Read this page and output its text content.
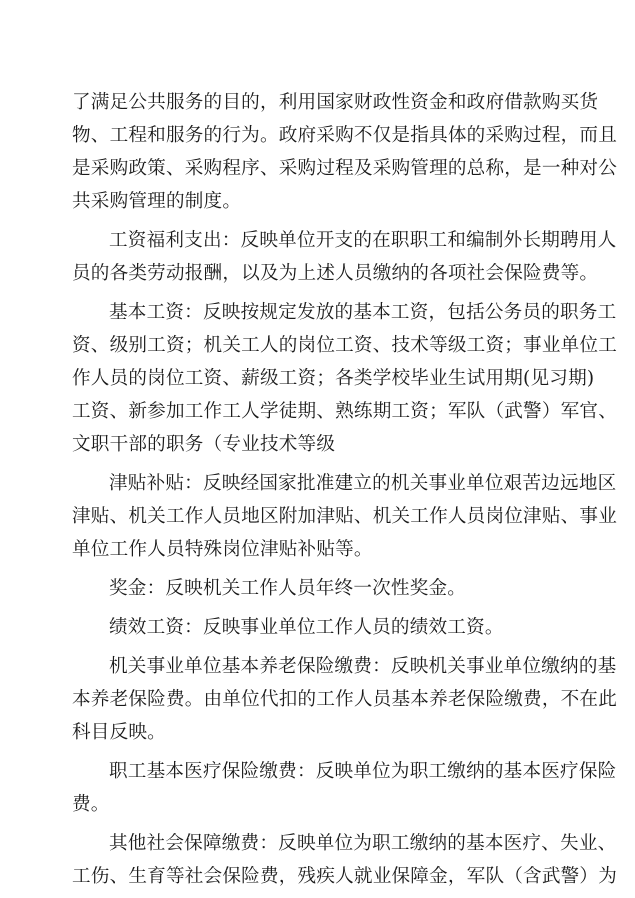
了满足公共服务的目的，利用国家财政性资金和政府借款购买货
物、工程和服务的行为。政府采购不仅是指具体的采购过程，而且
是采购政策、采购程序、采购过程及采购管理的总称，是一种对公
共采购管理的制度。

工资福利支出：反映单位开支的在职职工和编制外长期聘用人
员的各类劳动报酬，以及为上述人员缴纳的各项社会保险费等。

基本工资：反映按规定发放的基本工资，包括公务员的职务工
资、级别工资；机关工人的岗位工资、技术等级工资；事业单位工
作人员的岗位工资、薪级工资；各类学校毕业生试用期(见习期)
工资、新参加工作工人学徒期、熟练期工资；军队（武警）军官、
文职干部的职务（专业技术等级

津贴补贴：反映经国家批准建立的机关事业单位艰苦边远地区
津贴、机关工作人员地区附加津贴、机关工作人员岗位津贴、事业
单位工作人员特殊岗位津贴补贴等。

奖金：反映机关工作人员年终一次性奖金。

绩效工资：反映事业单位工作人员的绩效工资。

机关事业单位基本养老保险缴费：反映机关事业单位缴纳的基
本养老保险费。由单位代扣的工作人员基本养老保险缴费，不在此
科目反映。

职工基本医疗保险缴费：反映单位为职工缴纳的基本医疗保险
费。

其他社会保障缴费：反映单位为职工缴纳的基本医疗、失业、
工伤、生育等社会保险费，残疾人就业保障金，军队（含武警）为
